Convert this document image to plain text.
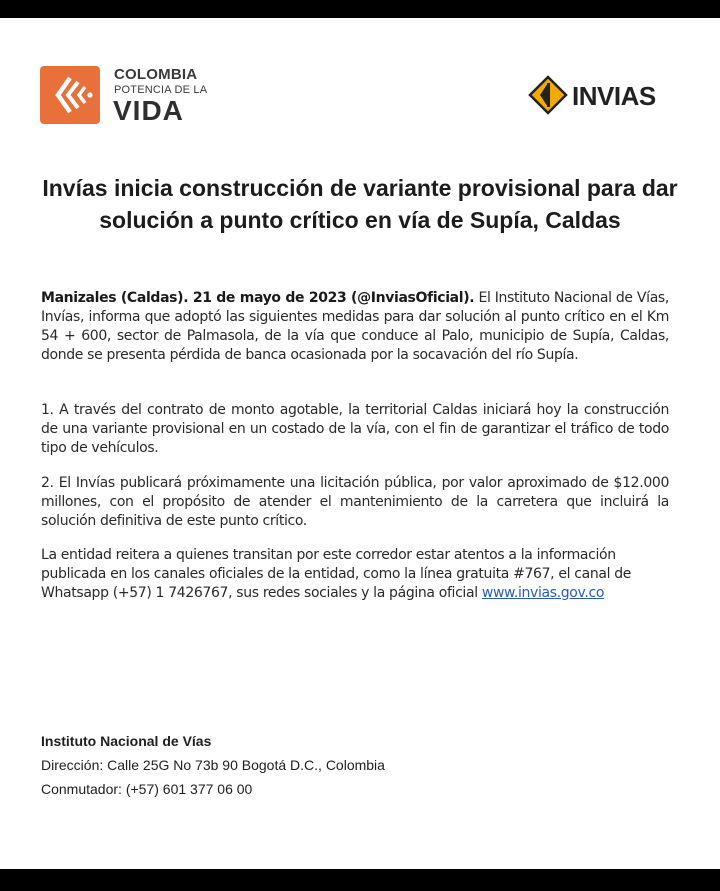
COLOMBIA
POTENCIA DE LA
VIDA	INVIAS
Invías inicia construcción de variante provisional para dar solución a punto crítico en vía de Supía, Caldas
Manizales (Caldas). 21 de mayo de 2023 (@InviasOficial). El Instituto Nacional de Vías, Invías, informa que adoptó las siguientes medidas para dar solución al punto crítico en el Km 54 + 600, sector de Palmasola, de la vía que conduce al Palo, municipio de Supía, Caldas, donde se presenta pérdida de banca ocasionada por la socavación del río Supía.
1. A través del contrato de monto agotable, la territorial Caldas iniciará hoy la construcción de una variante provisional en un costado de la vía, con el fin de garantizar el tráfico de todo tipo de vehículos.
2. El Invías publicará próximamente una licitación pública, por valor aproximado de $12.000 millones, con el propósito de atender el mantenimiento de la carretera que incluirá la solución definitiva de este punto crítico.
La entidad reitera a quienes transitan por este corredor estar atentos a la información publicada en los canales oficiales de la entidad, como la línea gratuita #767, el canal de Whatsapp (+57) 1 7426767, sus redes sociales y la página oficial www.invias.gov.co
Instituto Nacional de Vías
Dirección: Calle 25G No 73b 90 Bogotá D.C., Colombia
Conmutador: (+57) 601 377 06 00
